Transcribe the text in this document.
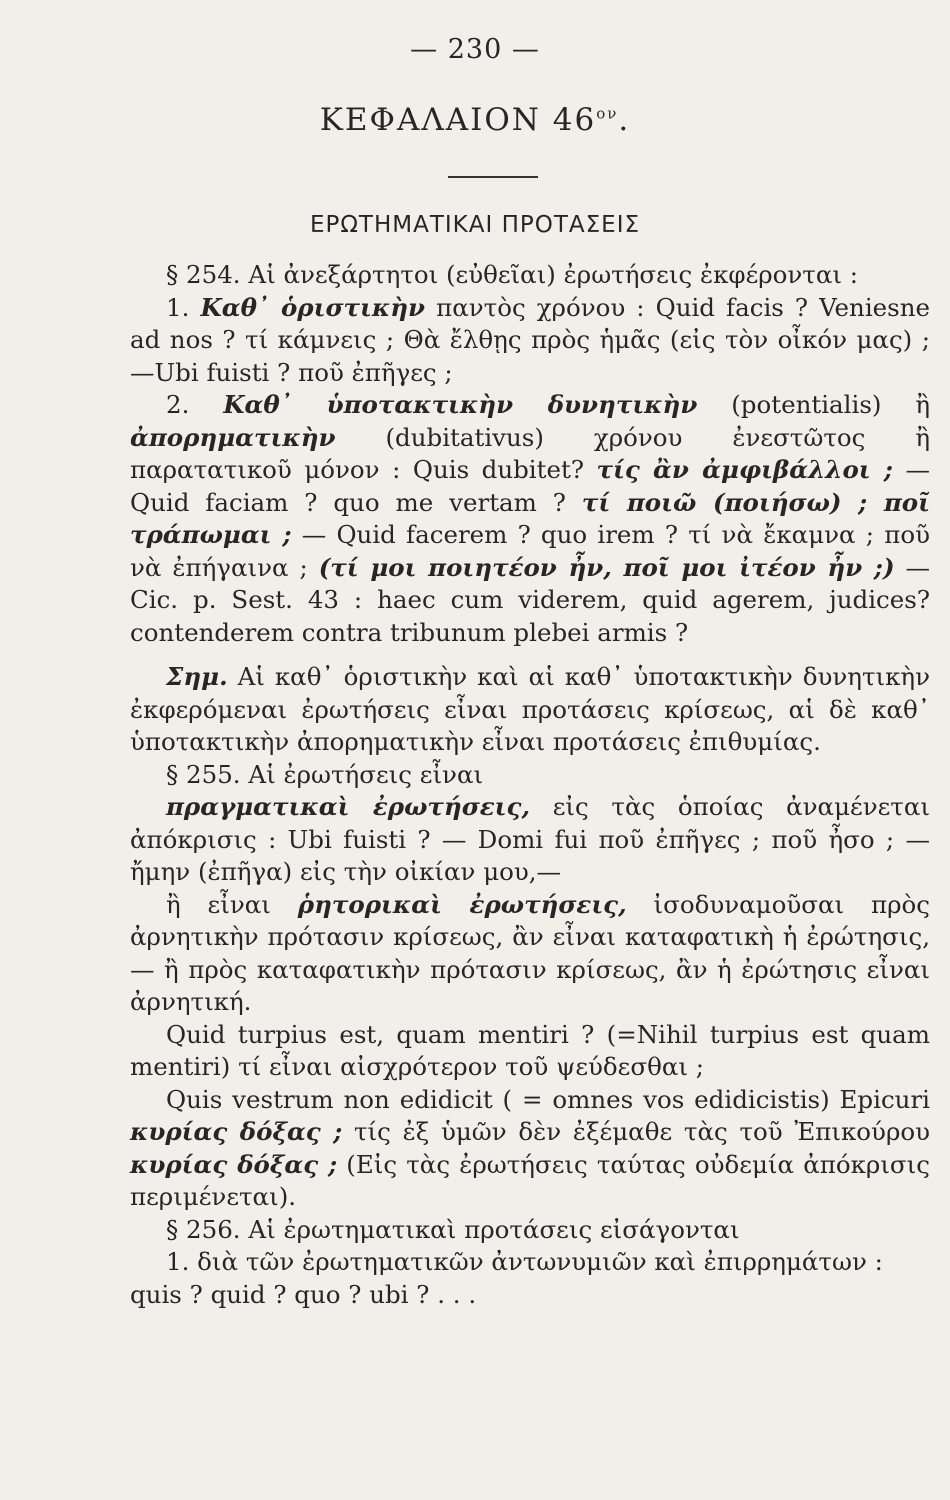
— 230 —
ΚΕΦΑΛΑΙΟΝ $46^{o\nu}$.
ΕΡΩΤΗΜΑΤΙΚΑΙ ΠΡΟΤΑΣΕΙΣ

§ 254. Αἱ ἀνεξάρτητοι (εὐθεῖαι) ἐρωτήσεις ἐκφέρονται :

1. Καθ᾽ ὁριστικὴν παντὸς χρόνου : Quid facis ? Veniesne ad nos ? τί κάμνεις ; Θὰ ἔλθῃς πρὸς ἡμᾶς (εἰς τὸν οἶκόν μας) ; —Ubi fuisti ? ποῦ ἐπῆγες ;

2. Καθ᾽ ὑποτακτικὴν δυνητικὴν (potentialis) ἢ ἀπορηματικὴν (dubitativus) χρόνου ἐνεστῶτος ἢ παρατατικοῦ μόνον : Quis dubitet? τίς ἂν ἀμφιβάλλοι ; — Quid faciam ? quo me vertam ? τί ποιῶ (ποιήσω) ; ποῖ τράπωμαι ; — Quid facerem ? quo irem ? τί νὰ ἔκαμνα ; ποῦ νὰ ἐπήγαινα ; (τί μοι ποιητέον ἦν, ποῖ μοι ἰτέον ἦν ;) — Cic. p. Sest. 43 : haec cum viderem, quid agerem, judices? contenderem contra tribunum plebei armis ?

Σημ. Αἱ καθ᾽ ὁριστικὴν καὶ αἱ καθ᾽ ὑποτακτικὴν δυνητικὴν ἐκφερόμεναι ἐρωτήσεις εἶναι προτάσεις κρίσεως, αἱ δὲ καθ᾽ ὑποτακτικὴν ἀπορηματικὴν εἶναι προτάσεις ἐπιθυμίας.

§ 255. Αἱ ἐρωτήσεις εἶναι

πραγματικαὶ ἐρωτήσεις, εἰς τὰς ὁποίας ἀναμένεται ἀπόκρισις : Ubi fuisti ? — Domi fui ποῦ ἐπῆγες ; ποῦ ἦσο ; — ἤμην (ἐπῆγα) εἰς τὴν οἰκίαν μου,—

ἢ εἶναι ῥητορικαὶ ἐρωτήσεις, ἰσοδυναμοῦσαι πρὸς ἀρνητικὴν πρότασιν κρίσεως, ἂν εἶναι καταφατικὴ ἡ ἐρώτησις, — ἢ πρὸς καταφατικὴν πρότασιν κρίσεως, ἂν ἡ ἐρώτησις εἶναι ἀρνητική.

Quid turpius est, quam mentiri ? (=Nihil turpius est quam mentiri) τί εἶναι αἰσχρότερον τοῦ ψεύδεσθαι ;

Quis vestrum non edidicit ( = omnes vos edidicistis) Epicuri κυρίας δόξας ; τίς ἐξ ὑμῶν δὲν ἐξέμαθε τὰς τοῦ Ἐπικούρου κυρίας δόξας ; (Εἰς τὰς ἐρωτήσεις ταύτας οὐδεμία ἀπόκρισις περιμένεται).

§ 256. Αἱ ἐρωτηματικαὶ προτάσεις εἰσάγονται

1. διὰ τῶν ἐρωτηματικῶν ἀντωνυμιῶν καὶ ἐπιρρημάτων : quis ? quid ? quo ? ubi ? . . .
